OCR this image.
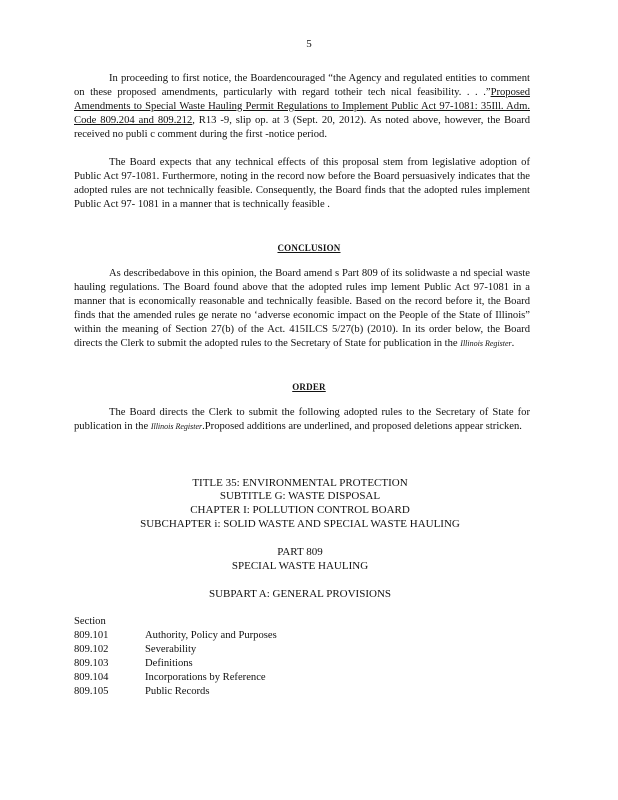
5

In proceeding to first notice, the Boardencouraged “the Agency and regulated entities to comment on these proposed amendments, particularly with regard totheir tech nical feasibility. . . .”Proposed Amendments to Special Waste Hauling Permit Regulations to Implement Public Act 97-1081: 35Ill. Adm. Code 809.204 and 809.212, R13 -9, slip op. at 3 (Sept. 20, 2012). As noted above, however, the Board received no publi c comment during the first -notice period.

The Board expects that any technical effects of this proposal stem from legislative adoption of Public Act 97-1081. Furthermore, noting in the record now before the Board persuasively indicates that the adopted rules are not technically feasible. Consequently, the Board finds that the adopted rules implement Public Act 97- 1081 in a manner that is technically feasible .

CONCLUSION

As describedabove in this opinion, the Board amend s Part 809 of its solidwaste a nd special waste hauling regulations. The Board found above that the adopted rules imp lement Public Act 97-1081 in a manner that is economically reasonable and technically feasible. Based on the record before it, the Board finds that the amended rules ge nerate no ‘adverse economic impact on the People of the State of Illinois” within the meaning of Section 27(b) of the Act. 415ILCS 5/27(b) (2010). In its order below, the Board directs the Clerk to submit the adopted rules to the Secretary of State for publication in the Illinois Register.

ORDER

The Board directs the Clerk to submit the following adopted rules to the Secretary of State for publication in the Illinois Register.Proposed additions are underlined, and proposed deletions appear stricken.

TITLE 35: ENVIRONMENTAL PROTECTION
SUBTITLE G: WASTE DISPOSAL
CHAPTER I: POLLUTION CONTROL BOARD
SUBCHAPTER i: SOLID WASTE AND SPECIAL WASTE HAULING
PART 809
SPECIAL WASTE HAULING
SUBPART A: GENERAL PROVISIONS
Section
809.101	Authority, Policy and Purposes
809.102	Severability
809.103	Definitions
809.104	Incorporations by Reference
809.105	Public Records
